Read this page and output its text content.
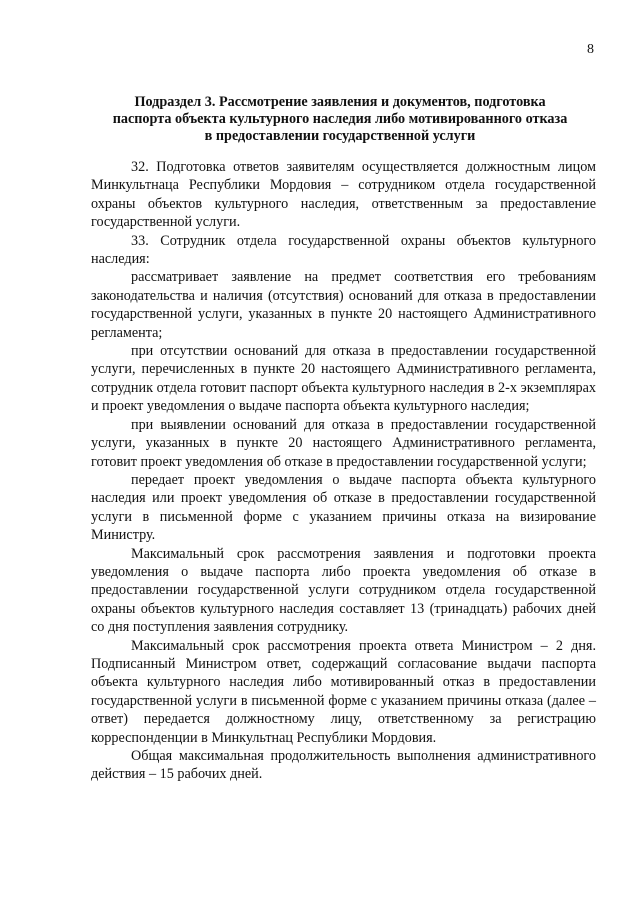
8
Подраздел 3. Рассмотрение заявления и документов, подготовка
паспорта объекта культурного наследия либо мотивированного отказа
в предоставлении государственной услуги

32. Подготовка ответов заявителям осуществляется должностным лицом Минкультнаца Республики Мордовия – сотрудником отдела государственной охраны объектов культурного наследия, ответственным за предоставление государственной услуги.

33. Сотрудник отдела государственной охраны объектов культурного наследия:

рассматривает заявление на предмет соответствия его требованиям законодательства и наличия (отсутствия) оснований для отказа в предоставлении государственной услуги, указанных в пункте 20 настоящего Административного регламента;

при отсутствии оснований для отказа в предоставлении государственной услуги, перечисленных в пункте 20 настоящего Административного регламента, сотрудник отдела готовит паспорт объекта культурного наследия в 2-х экземплярах и проект уведомления о выдаче паспорта объекта культурного наследия;

при выявлении оснований для отказа в предоставлении государственной услуги, указанных в пункте 20 настоящего Административного регламента, готовит проект уведомления об отказе в предоставлении государственной услуги;

передает проект уведомления о выдаче паспорта объекта культурного наследия или проект уведомления об отказе в предоставлении государственной услуги в письменной форме с указанием причины отказа на визирование Министру.

Максимальный срок рассмотрения заявления и подготовки проекта уведомления о выдаче паспорта либо проекта уведомления об отказе в предоставлении государственной услуги сотрудником отдела государственной охраны объектов культурного наследия составляет 13 (тринадцать) рабочих дней со дня поступления заявления сотруднику.

Максимальный срок рассмотрения проекта ответа Министром – 2 дня. Подписанный Министром ответ, содержащий согласование выдачи паспорта объекта культурного наследия либо мотивированный отказ в предоставлении государственной услуги в письменной форме с указанием причины отказа (далее – ответ) передается должностному лицу, ответственному за регистрацию корреспонденции в Минкультнац Республики Мордовия.

Общая максимальная продолжительность выполнения административного действия – 15 рабочих дней.
